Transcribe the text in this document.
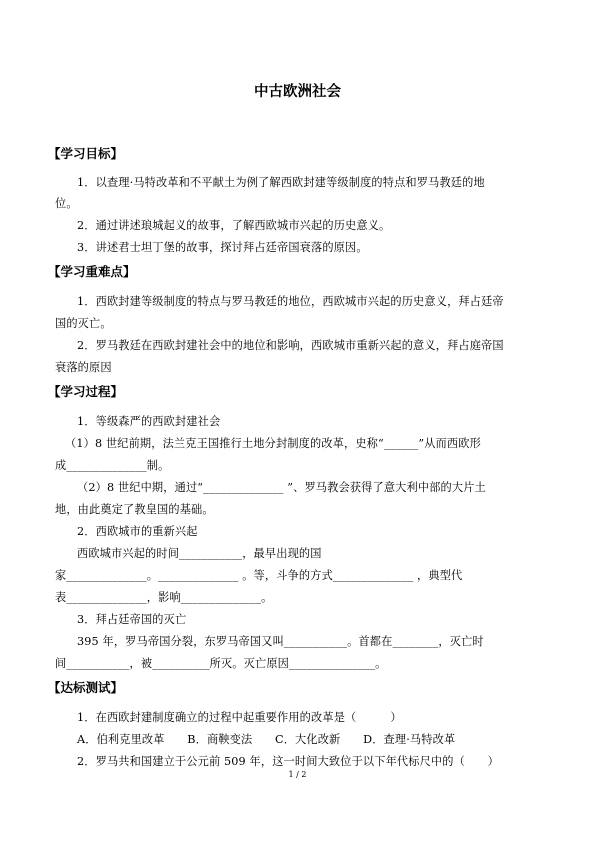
中古欧洲社会
【学习目标】
1．以查理·马特改革和不平献土为例了解西欧封建等级制度的特点和罗马教廷的地
位。
2．通过讲述琅城起义的故事，了解西欧城市兴起的历史意义。
3．讲述君士坦丁堡的故事，探讨拜占廷帝国衰落的原因。
【学习重难点】
1．西欧封建等级制度的特点与罗马教廷的地位，西欧城市兴起的历史意义，拜占廷帝
国的灭亡。
2．罗马教廷在西欧封建社会中的地位和影响，西欧城市重新兴起的意义，拜占庭帝国
衰落的原因
【学习过程】
1．等级森严的西欧封建社会
（1）8 世纪前期，法兰克王国推行土地分封制度的改革，史称“______”从而西欧形
成______________制。
（2）8 世纪中期，通过“______________ ”、罗马教会获得了意大利中部的大片土
地，由此奠定了教皇国的基础。
2．西欧城市的重新兴起
西欧城市兴起的时间___________，最早出现的国
家______________。______________ 。等，斗争的方式______________ ，典型代
表______________，影响______________。
3．拜占廷帝国的灭亡
395 年，罗马帝国分裂，东罗马帝国又叫___________。首都在________，灭亡时
间___________，被__________所灭。灭亡原因_______________。
【达标测试】
1．在西欧封建制度确立的过程中起重要作用的改革是（　　　）
A．伯利克里改革　　B．商鞅变法　　C．大化改新　　D．查理·马特改革
2．罗马共和国建立于公元前 509 年，这一时间大致位于以下年代标尺中的（　　）
1 / 2
